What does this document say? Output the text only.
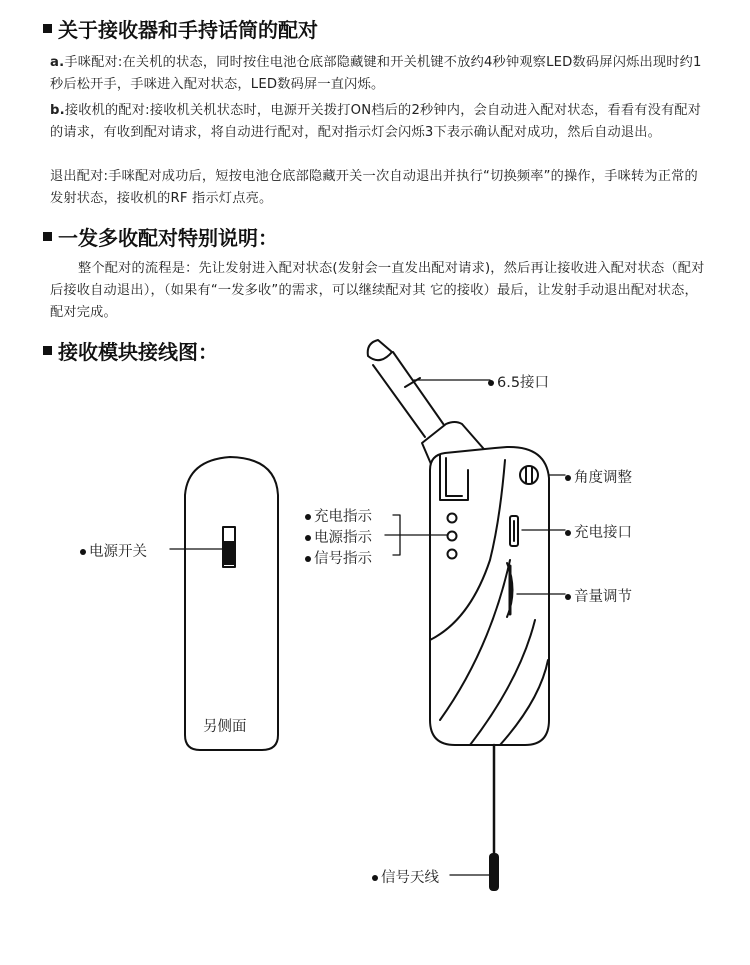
关于接收器和手持话筒的配对
a.手咪配对:在关机的状态，同时按住电池仓底部隐藏键和开关机键不放约4秒钟观察LED数码屏闪烁出现时约1秒后松开手，手咪进入配对状态，LED数码屏一直闪烁。
b.接收机的配对:接收机关机状态时，电源开关拨打ON档后的2秒钟内，会自动进入配对状态，看看有没有配对的请求，有收到配对请求，将自动进行配对，配对指示灯会闪烁3下表示确认配对成功，然后自动退出。
退出配对:手咪配对成功后，短按电池仓底部隐藏开关一次自动退出并执行“切换频率”的操作，手咪转为正常的发射状态，接收机的RF 指示灯点亮。
一发多收配对特别说明：
整个配对的流程是：先让发射进入配对状态(发射会一直发出配对请求)，然后再让接收进入配对状态（配对后接收自动退出），（如果有“一发多收”的需求，可以继续配对其 它的接收）最后，让发射手动退出配对状态，配对完成。
接收模块接线图：
6.5接口
角度调整
充电接口
音量调节
充电指示
电源指示
信号指示
电源开关
另侧面
信号天线
